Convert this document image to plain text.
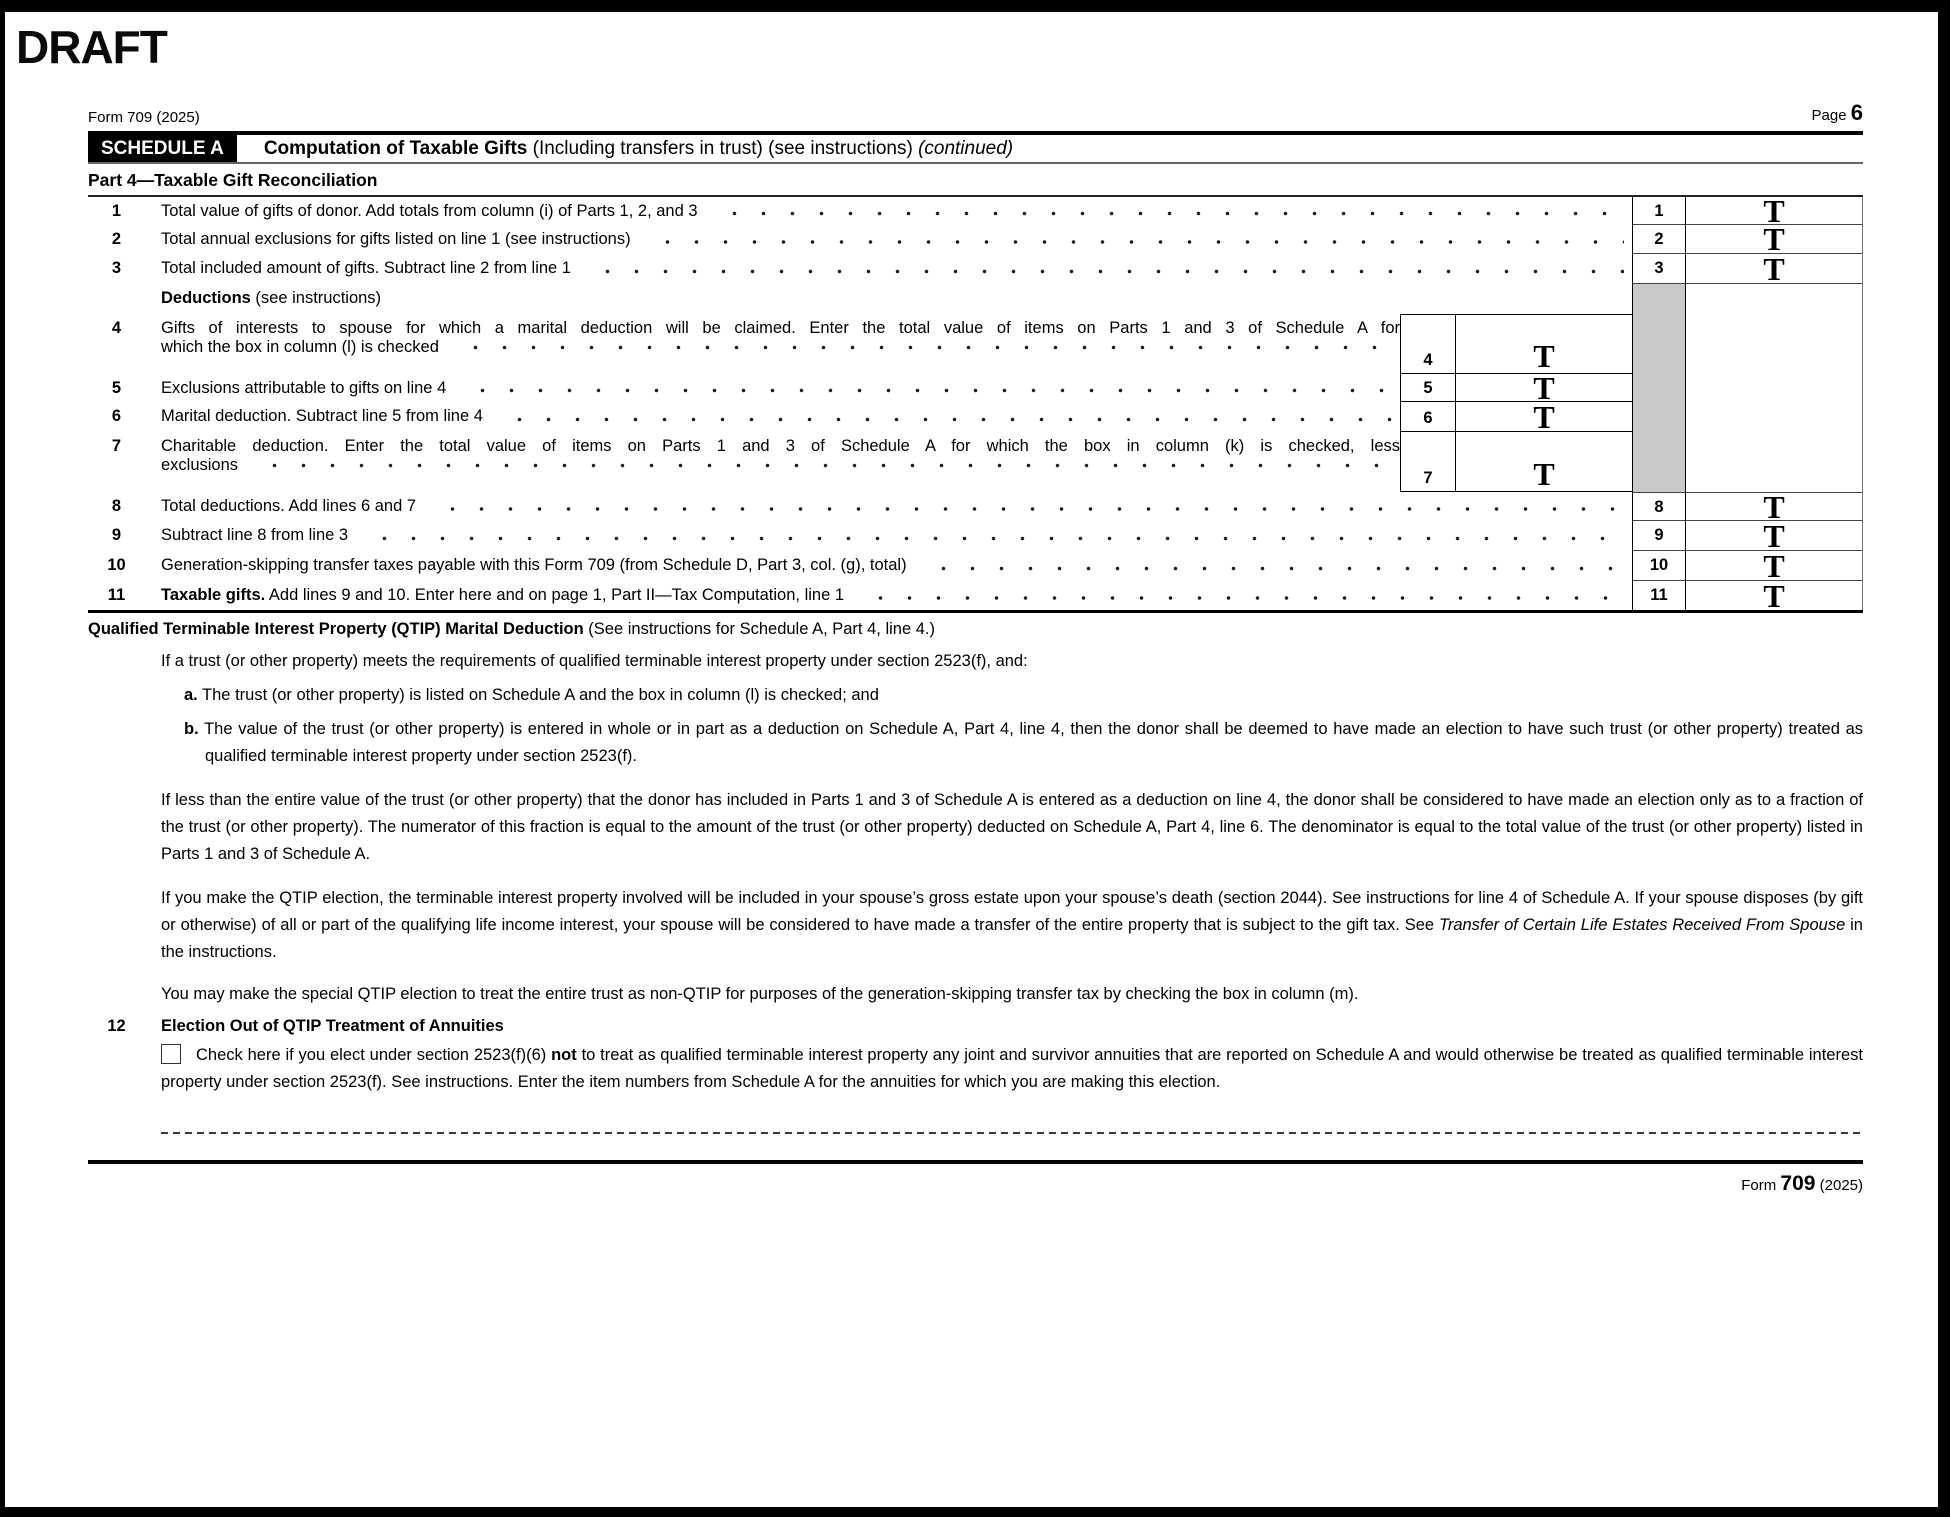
DRAFT
Form 709 (2025)	Page 6
SCHEDULE A	Computation of Taxable Gifts (Including transfers in trust) (see instructions) (continued)
Part 4—Taxable Gift Reconciliation
1	Total value of gifts of donor. Add totals from column (i) of Parts 1, 2, and 3	1	T
2	Total annual exclusions for gifts listed on line 1 (see instructions)	2	T
3	Total included amount of gifts. Subtract line 2 from line 1	3	T
Deductions (see instructions)
4	Gifts of interests to spouse for which a marital deduction will be claimed. Enter the total value of items on Parts 1 and 3 of Schedule A for
which the box in column (l) is checked
4	T
5	Exclusions attributable to gifts on line 4	5	T
6	Marital deduction. Subtract line 5 from line 4	6	T
7	Charitable deduction. Enter the total value of items on Parts 1 and 3 of Schedule A for which the box in column (k) is checked, less
exclusions
7	T
8	Total deductions. Add lines 6 and 7	8	T
9	Subtract line 8 from line 3	9	T
10	Generation-skipping transfer taxes payable with this Form 709 (from Schedule D, Part 3, col. (g), total)	10	T
11	Taxable gifts. Add lines 9 and 10. Enter here and on page 1, Part II—Tax Computation, line 1	11	T
Qualified Terminable Interest Property (QTIP) Marital Deduction (See instructions for Schedule A, Part 4, line 4.)
If a trust (or other property) meets the requirements of qualified terminable interest property under section 2523(f), and:
a. The trust (or other property) is listed on Schedule A and the box in column (l) is checked; and
b. The value of the trust (or other property) is entered in whole or in part as a deduction on Schedule A, Part 4, line 4, then the donor shall be deemed to have made an election to have such trust (or other property) treated as qualified terminable interest property under section 2523(f).
If less than the entire value of the trust (or other property) that the donor has included in Parts 1 and 3 of Schedule A is entered as a deduction on line 4, the donor shall be considered to have made an election only as to a fraction of the trust (or other property). The numerator of this fraction is equal to the amount of the trust (or other property) deducted on Schedule A, Part 4, line 6. The denominator is equal to the total value of the trust (or other property) listed in Parts 1 and 3 of Schedule A.
If you make the QTIP election, the terminable interest property involved will be included in your spouse’s gross estate upon your spouse’s death (section 2044). See instructions for line 4 of Schedule A. If your spouse disposes (by gift or otherwise) of all or part of the qualifying life income interest, your spouse will be considered to have made a transfer of the entire property that is subject to the gift tax. See Transfer of Certain Life Estates Received From Spouse in the instructions.
You may make the special QTIP election to treat the entire trust as non-QTIP for purposes of the generation-skipping transfer tax by checking the box in column (m).
12	Election Out of QTIP Treatment of Annuities
Check here if you elect under section 2523(f)(6) not to treat as qualified terminable interest property any joint and survivor annuities that are reported on Schedule A and would otherwise be treated as qualified terminable interest property under section 2523(f). See instructions. Enter the item numbers from Schedule A for the annuities for which you are making this election.
Form 709 (2025)
